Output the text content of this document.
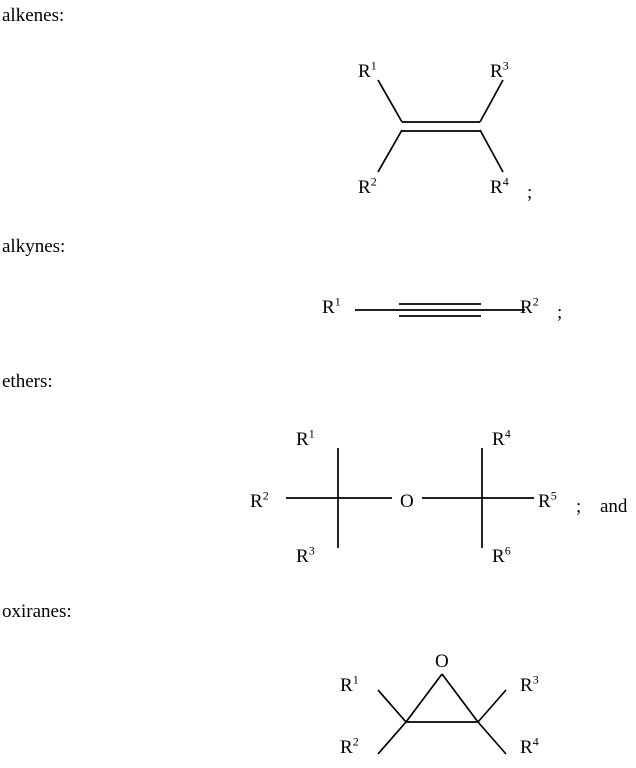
alkenes:
$R^1$	$R^3$
$R^2$	$R^4$
;
alkynes:
$R^1$	$R^2$
;
ethers:
$R^1$	$R^4$
$R^2$	$R^5$
$R^3$	$R^6$
O	; and
oxiranes:
O
$R^1$	$R^3$
$R^2$	$R^4$
